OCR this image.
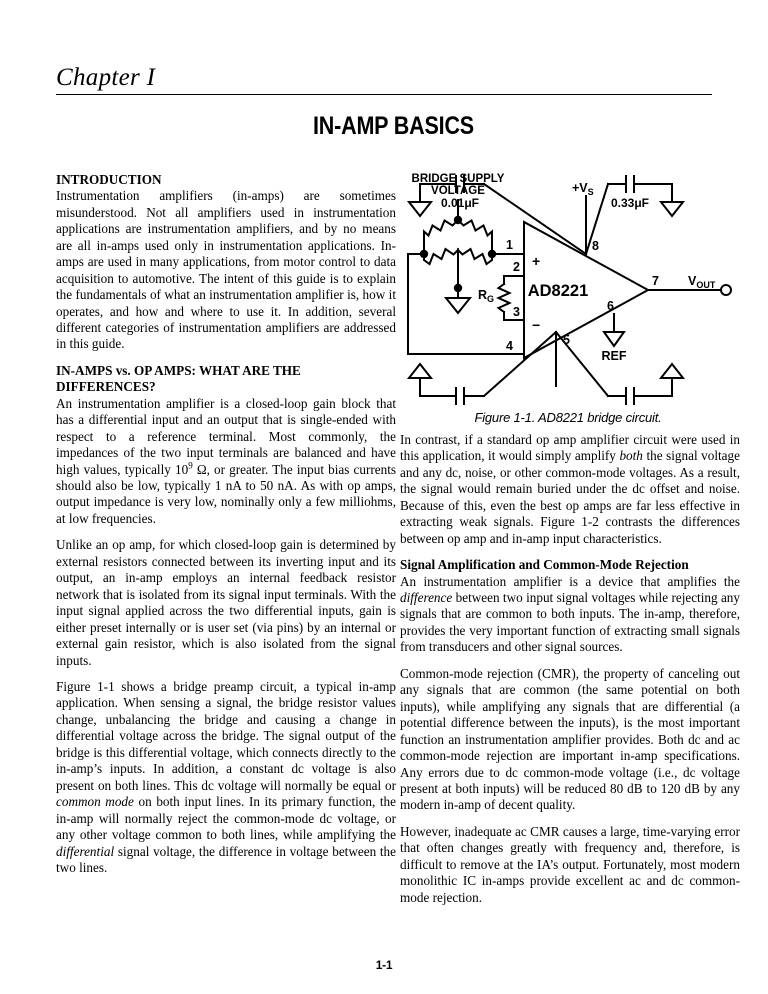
Chapter I
IN-AMP BASICS
INTRODUCTION

Instrumentation amplifiers (in-amps) are sometimes misunderstood. Not all amplifiers used in instrumentation applications are instrumentation amplifiers, and by no means are all in-amps used only in instrumentation applications. In-amps are used in many applications, from motor control to data acquisition to automotive. The intent of this guide is to explain the fundamentals of what an instrumentation amplifier is, how it operates, and how and where to use it. In addition, several different categories of instrumentation amplifiers are addressed in this guide.

IN-AMPS vs. OP AMPS: WHAT ARE THE DIFFERENCES?

An instrumentation amplifier is a closed-loop gain block that has a differential input and an output that is single-ended with respect to a reference terminal. Most commonly, the impedances of the two input terminals are balanced and have high values, typically $10^9$ Ω, or greater. The input bias currents should also be low, typically 1 nA to 50 nA. As with op amps, output impedance is very low, nominally only a few milliohms, at low frequencies.

Unlike an op amp, for which closed-loop gain is determined by external resistors connected between its inverting input and its output, an in-amp employs an internal feedback resistor network that is isolated from its signal input terminals. With the input signal applied across the two differential inputs, gain is either preset internally or is user set (via pins) by an internal or external gain resistor, which is also isolated from the signal inputs.

Figure 1-1 shows a bridge preamp circuit, a typical in-amp application. When sensing a signal, the bridge resistor values change, unbalancing the bridge and causing a change in differential voltage across the bridge. The signal output of the bridge is this differential voltage, which connects directly to the in-amp’s inputs. In addition, a constant dc voltage is also present on both lines. This dc voltage will normally be equal or common mode on both input lines. In its primary function, the in-amp will normally reject the common-mode dc voltage, or any other voltage common to both lines, while amplifying the differential signal voltage, the difference in voltage between the two lines.

BRIDGE SUPPLY
VOLTAGE
0.01μF	0.33μF
$+V_S$
AD8221
$R_G$
REF
$V_{OUT}$
+
−
1
2
3
4	5
6
7
8
Figure 1-1. AD8221 bridge circuit.

In contrast, if a standard op amp amplifier circuit were used in this application, it would simply amplify both the signal voltage and any dc, noise, or other common-mode voltages. As a result, the signal would remain buried under the dc offset and noise. Because of this, even the best op amps are far less effective in extracting weak signals. Figure 1-2 contrasts the differences between op amp and in-amp input characteristics.

Signal Amplification and Common-Mode Rejection

An instrumentation amplifier is a device that amplifies the difference between two input signal voltages while rejecting any signals that are common to both inputs. The in-amp, therefore, provides the very important function of extracting small signals from transducers and other signal sources.

Common-mode rejection (CMR), the property of canceling out any signals that are common (the same potential on both inputs), while amplifying any signals that are differential (a potential difference between the inputs), is the most important function an instrumentation amplifier provides. Both dc and ac common-mode rejection are important in-amp specifications. Any errors due to dc common-mode voltage (i.e., dc voltage present at both inputs) will be reduced 80 dB to 120 dB by any modern in-amp of decent quality.

However, inadequate ac CMR causes a large, time-varying error that often changes greatly with frequency and, therefore, is difficult to remove at the IA’s output. Fortunately, most modern monolithic IC in-amps provide excellent ac and dc common-mode rejection.

1-1
